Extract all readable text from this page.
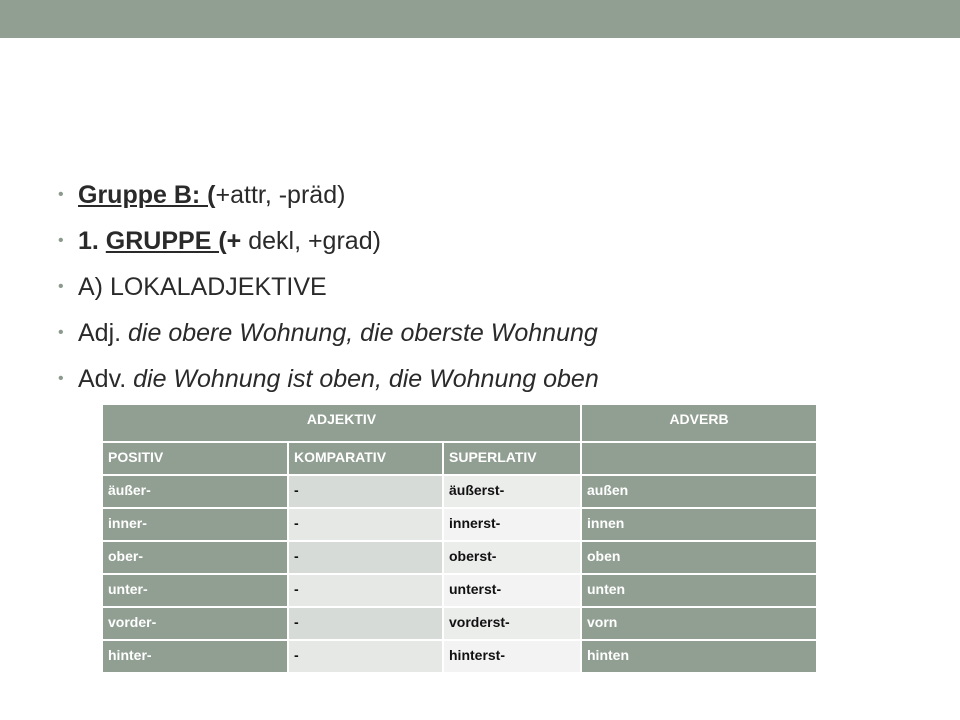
• Gruppe B: (+attr, -präd)
• 1. GRUPPE (+ dekl, +grad)
• A) LOKALADJEKTIVE
• Adj. die obere Wohnung, die oberste Wohnung
• Adv. die Wohnung ist oben, die Wohnung oben
ADJEKTIV			ADVERB
POSITIV	KOMPARATIV	SUPERLATIV	
äußer-	-	äußerst-	außen
inner-	-	innerst-	innen
ober-	-	oberst-	oben
unter-	-	unterst-	unten
vorder-	-	vorderst-	vorn
hinter-	-	hinterst-	hinten
